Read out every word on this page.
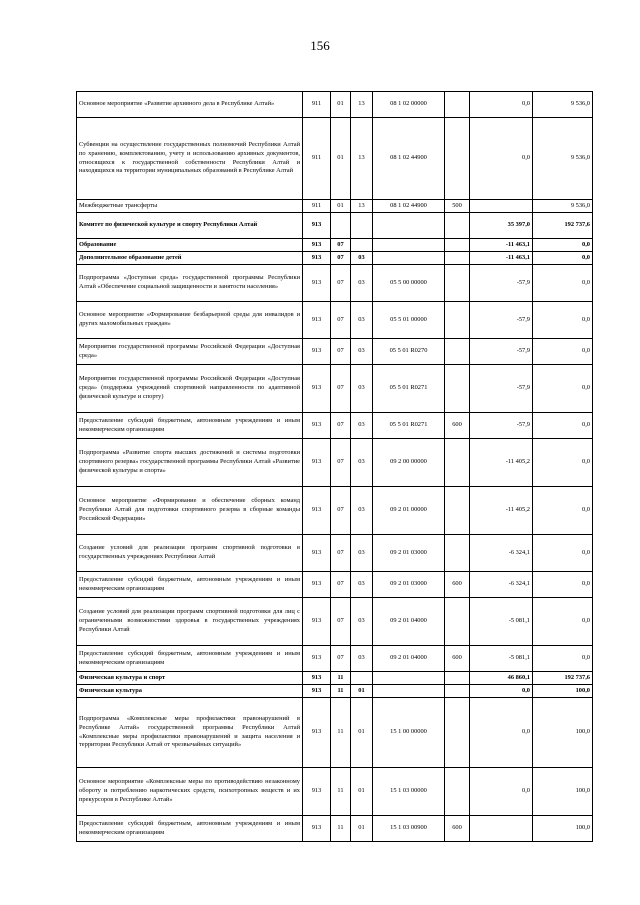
156
Основное мероприятие «Развитие архивного дела в Республике Алтай»	911	01	13	08 1 02 00000		0,0	9 536,0
Субвенции на осуществление государственных полномочий Республики Алтай по хранению, комплектованию, учету и использованию архивных документов, относящихся к государственной собственности Республики Алтай и находящихся на территории муниципальных образований в Республике Алтай	911	01	13	08 1 02 44900		0,0	9 536,0
Межбюджетные трансферты	911	01	13	08 1 02 44900	500		9 536,0
Комитет по физической культуре и спорту Республики Алтай	913					35 397,0	192 737,6
Образование	913	07				-11 463,1	0,0
Дополнительное образование детей	913	07	03			-11 463,1	0,0
Подпрограмма «Доступная среда» государственной программы Республики Алтай «Обеспечение социальной защищенности и занятости населения»	913	07	03	05 5 00 00000		-57,9	0,0
Основное мероприятие «Формирование безбарьерной среды для инвалидов и других маломобильных граждан»	913	07	03	05 5 01 00000		-57,9	0,0
Мероприятия государственной программы Российской Федерации «Доступная среда»	913	07	03	05 5 01 R0270		-57,9	0,0
Мероприятия государственной программы Российской Федерации «Доступная среда» (поддержка учреждений спортивной направленности по адаптивной физической культуре и спорту)	913	07	03	05 5 01 R0271		-57,9	0,0
Предоставление субсидий бюджетным, автономным учреждениям и иным некоммерческим организациям	913	07	03	05 5 01 R0271	600	-57,9	0,0
Подпрограмма «Развитие спорта высших достижений и системы подготовки спортивного резерва» государственной программы Республики Алтай «Развитие физической культуры и спорта»	913	07	03	09 2 00 00000		-11 405,2	0,0
Основное мероприятие «Формирование и обеспечение сборных команд Республики Алтай для подготовки спортивного резерва в сборные команды Российской Федерации»	913	07	03	09 2 01 00000		-11 405,2	0,0
Создание условий для реализации программ спортивной подготовки в государственных учреждениях Республики Алтай	913	07	03	09 2 01 03000		-6 324,1	0,0
Предоставление субсидий бюджетным, автономным учреждениям и иным некоммерческим организациям	913	07	03	09 2 01 03000	600	-6 324,1	0,0
Создание условий для реализации программ спортивной подготовки для лиц с ограниченными возможностями здоровья в государственных учреждениях Республики Алтай	913	07	03	09 2 01 04000		-5 081,1	0,0
Предоставление субсидий бюджетным, автономным учреждениям и иным некоммерческим организациям	913	07	03	09 2 01 04000	600	-5 081,1	0,0
Физическая культура и спорт	913	11				46 860,1	192 737,6
Физическая культура	913	11	01			0,0	100,0
Подпрограмма «Комплексные меры профилактики правонарушений в Республике Алтай» государственной программы Республики Алтай «Комплексные меры профилактики правонарушений и защита населения и территории Республики Алтай от чрезвычайных ситуаций»	913	11	01	15 1 00 00000		0,0	100,0
Основное мероприятие «Комплексные меры по противодействию незаконному обороту и потреблению наркотических средств, психотропных веществ и их прекурсоров в Республике Алтай»	913	11	01	15 1 03 00000		0,0	100,0
Предоставление субсидий бюджетным, автономным учреждениям и иным некоммерческим организациям	913	11	01	15 1 03 00900	600		100,0
